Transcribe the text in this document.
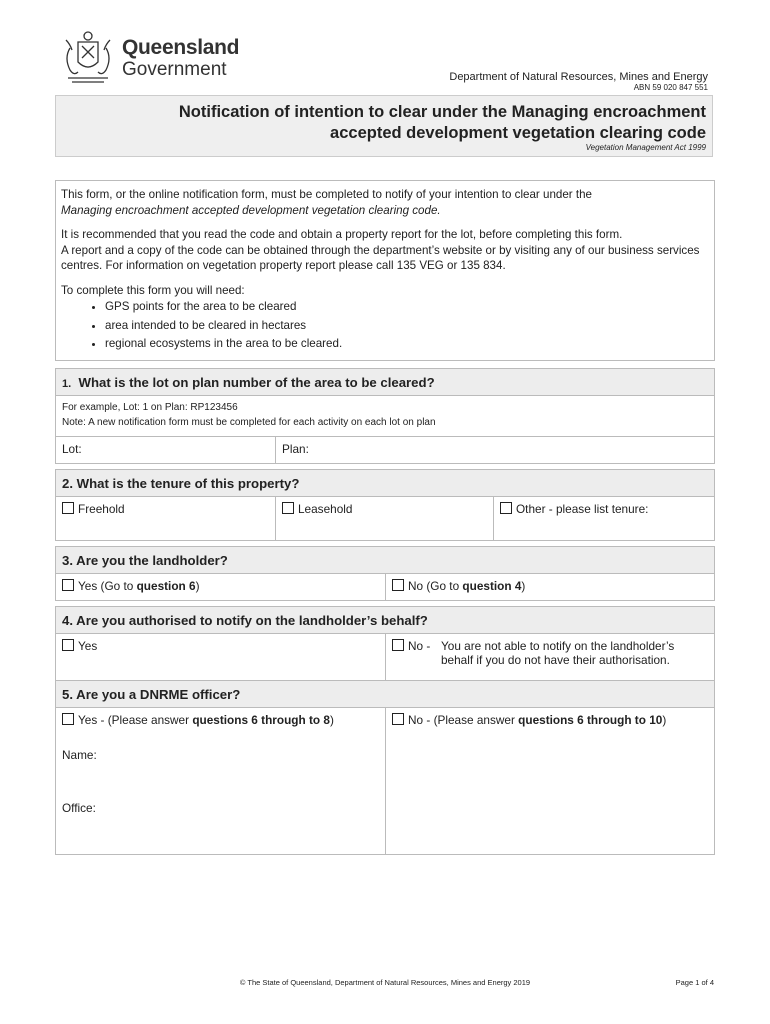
Queensland
Government	Department of Natural Resources, Mines and Energy
ABN 59 020 847 551
Notification of intention to clear under the Managing encroachment
accepted development vegetation clearing code
Vegetation Management Act 1999

This form, or the online notification form, must be completed to notify of your intention to clear under the
Managing encroachment accepted development vegetation clearing code.

It is recommended that you read the code and obtain a property report for the lot, before completing this form.

A report and a copy of the code can be obtained through the department’s website or by visiting any of our business services centres. For information on vegetation property report please call 135 VEG or 135 834.

To complete this form you will need:

• GPS points for the area to be cleared
• area intended to be cleared in hectares
• regional ecosystems in the area to be cleared.
1. What is the lot on plan number of the area to be cleared?
For example, Lot: 1 on Plan: RP123456
Note: A new notification form must be completed for each activity on each lot on plan
Lot:	Plan:
2. What is the tenure of this property?
Freehold	Leasehold	Other - please list tenure:
3. Are you the landholder?
Yes (Go to question 6)	No (Go to question 4)
4. Are you authorised to notify on the landholder’s behalf?
Yes	No - You are not able to notify on the landholder’s
behalf if you do not have their authorisation.
5. Are you a DNRME officer?
Yes - (Please answer questions 6 through to 8)
Name:
Office:
No - (Please answer questions 6 through to 10)
© The State of Queensland, Department of Natural Resources, Mines and Energy 2019	Page 1 of 4
